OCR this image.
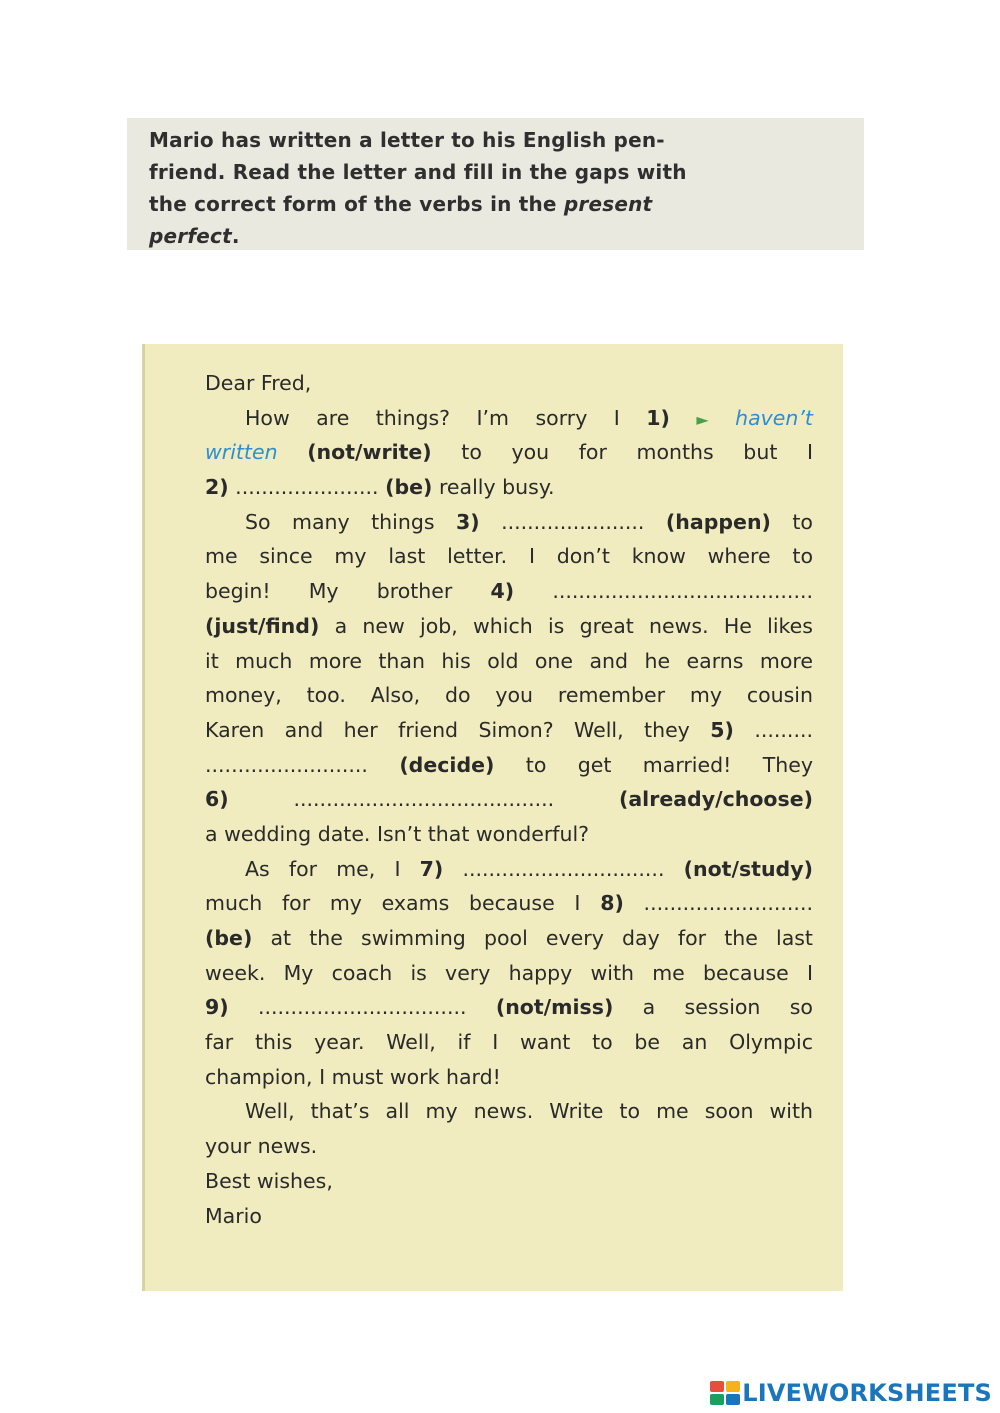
Mario has written a letter to his English pen-

friend. Read the letter and fill in the gaps with

the correct form of the verbs in the present

perfect.

Dear Fred,
How are things? I’m sorry I 1) ► haven’t
written (not/write) to you for months but I
2) ...................... (be) really busy.
So many things 3) ...................... (happen) to
me since my last letter. I don’t know where to
begin! My brother 4) ........................................
(just/find) a new job, which is great news. He likes
it much more than his old one and he earns more
money, too. Also, do you remember my cousin
Karen and her friend Simon? Well, they 5) .........
......................... (decide) to get married! They
6)	........................................	(already/choose)
a wedding date. Isn’t that wonderful?
As for me, I 7) ............................... (not/study)
much for my exams because I 8) ..........................
(be) at the swimming pool every day for the last
week. My coach is very happy with me because I
9) ................................ (not/miss) a session so
far this year. Well, if I want to be an Olympic
champion, I must work hard!
Well, that’s all my news. Write to me soon with
your news.
Best wishes,
Mario
LIVEWORKSHEETS
